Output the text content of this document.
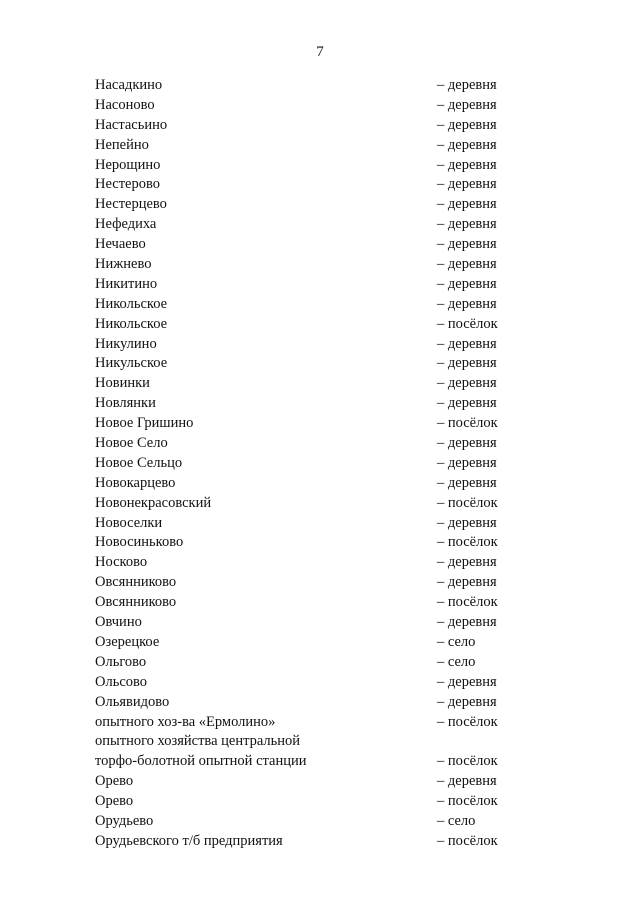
7
Насадкино	– деревня
Насоново	– деревня
Настасьино	– деревня
Непейно	– деревня
Нерощино	– деревня
Нестерово	– деревня
Нестерцево	– деревня
Нефедиха	– деревня
Нечаево	– деревня
Нижнево	– деревня
Никитино	– деревня
Никольское	– деревня
Никольское	– посёлок
Никулино	– деревня
Никульское	– деревня
Новинки	– деревня
Новлянки	– деревня
Новое Гришино	– посёлок
Новое Село	– деревня
Новое Сельцо	– деревня
Новокарцево	– деревня
Новонекрасовский	– посёлок
Новоселки	– деревня
Новосиньково	– посёлок
Носково	– деревня
Овсянниково	– деревня
Овсянниково	– посёлок
Овчино	– деревня
Озерецкое	– село
Ольгово	– село
Ольсово	– деревня
Ольявидово	– деревня
опытного хоз-ва «Ермолино»	– посёлок
опытного хозяйства центральной
торфо-болотной опытной станции	– посёлок
Орево	– деревня
Орево	– посёлок
Орудьево	– село
Орудьевского т/б предприятия	– посёлок
